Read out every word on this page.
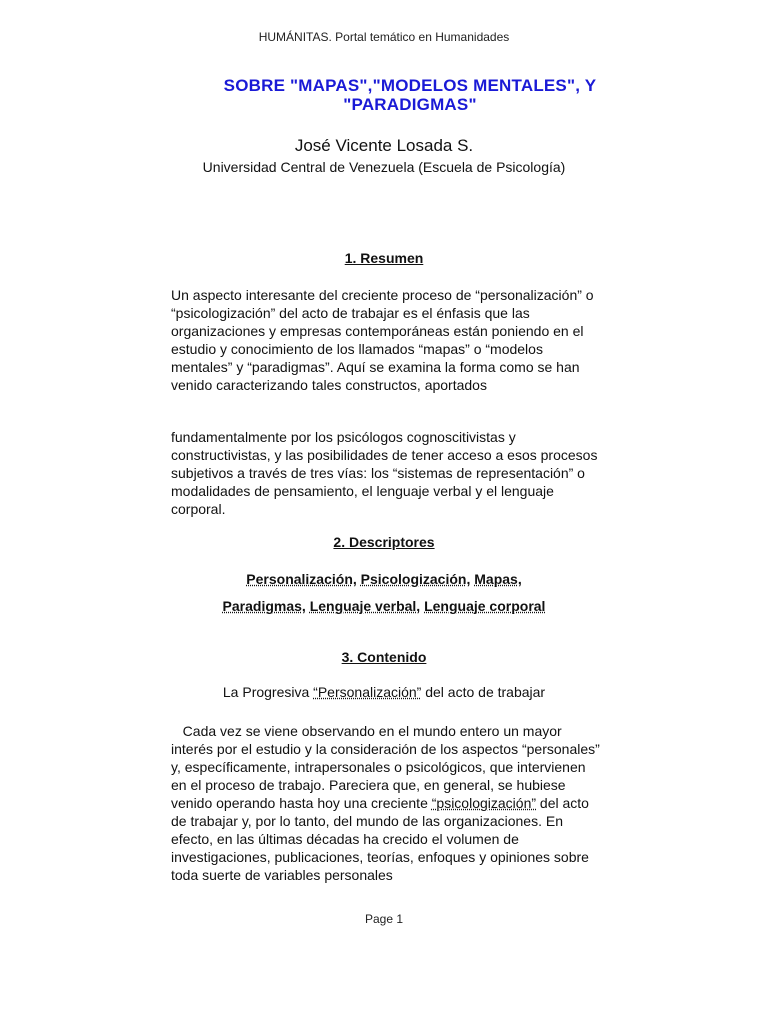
HUMÁNITAS. Portal temático en Humanidades
SOBRE "MAPAS","MODELOS MENTALES", Y "PARADIGMAS"
José Vicente Losada S.
Universidad Central de Venezuela (Escuela de Psicología)
1. Resumen

Un aspecto interesante del creciente proceso de “personalización” o “psicologización” del acto de trabajar es el énfasis que las organizaciones y empresas contemporáneas están poniendo en el estudio y conocimiento de los llamados “mapas” o “modelos mentales” y “paradigmas”. Aquí se examina la forma como se han venido caracterizando tales constructos, aportados

fundamentalmente por los psicólogos cognoscitivistas y constructivistas, y las posibilidades de tener acceso a esos procesos subjetivos a través de tres vías: los “sistemas de representación” o modalidades de pensamiento, el lenguaje verbal y el lenguaje corporal.

2. Descriptores
Personalización, Psicologización, Mapas,
Paradigmas, Lenguaje verbal, Lenguaje corporal
3. Contenido
La Progresiva “Personalización” del acto de trabajar

Cada vez se viene observando en el mundo entero un mayor interés por el estudio y la consideración de los aspectos “personales” y, específicamente, intrapersonales o psicológicos, que intervienen en el proceso de trabajo. Pareciera que, en general, se hubiese venido operando hasta hoy una creciente “psicologización” del acto de trabajar y, por lo tanto, del mundo de las organizaciones. En efecto, en las últimas décadas ha crecido el volumen de investigaciones, publicaciones, teorías, enfoques y opiniones sobre toda suerte de variables personales

Page 1
